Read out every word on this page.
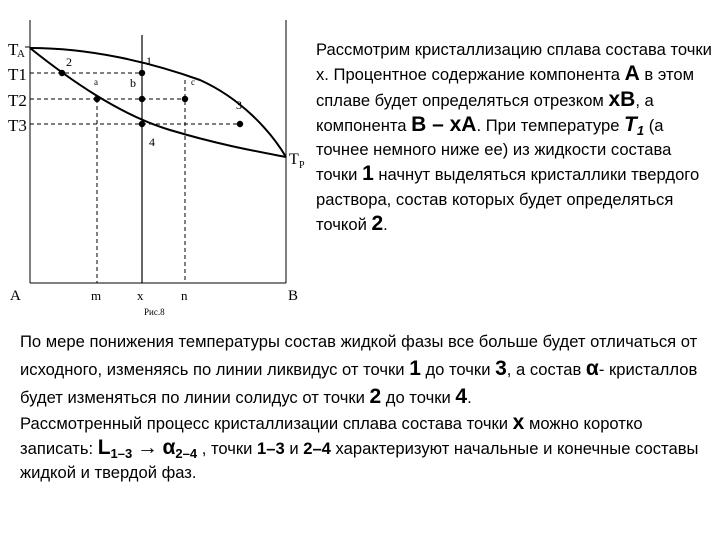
T
A
T1
T2
T3
T P
2	1
a	b	c
3
4
A	m	x	n	B
Рис.8

Рассмотрим кристаллизацию сплава состава точки х. Процентное содержание компонента А в этом сплаве будет определяться отрезком хВ, а компонента В – хА. При температуре $Т_1$ (а точнее немного ниже ее) из жидкости состава точки 1 начнут выделяться кристаллики твердого раствора, состав которых будет определяться точкой 2.

По мере понижения температуры состав жидкой фазы все больше будет отличаться от исходного, изменяясь по линии ликвидус от точки 1 до точки 3, а состав α- кристаллов будет изменяться по линии солидус от точки 2 до точки 4.

Рассмотренный процесс кристаллизации сплава состава точки х можно коротко записать: $L_{1-3} \to \alpha_{2-4}$ , точки 1–3 и 2–4 характеризуют начальные и конечные составы жидкой и твердой фаз.
